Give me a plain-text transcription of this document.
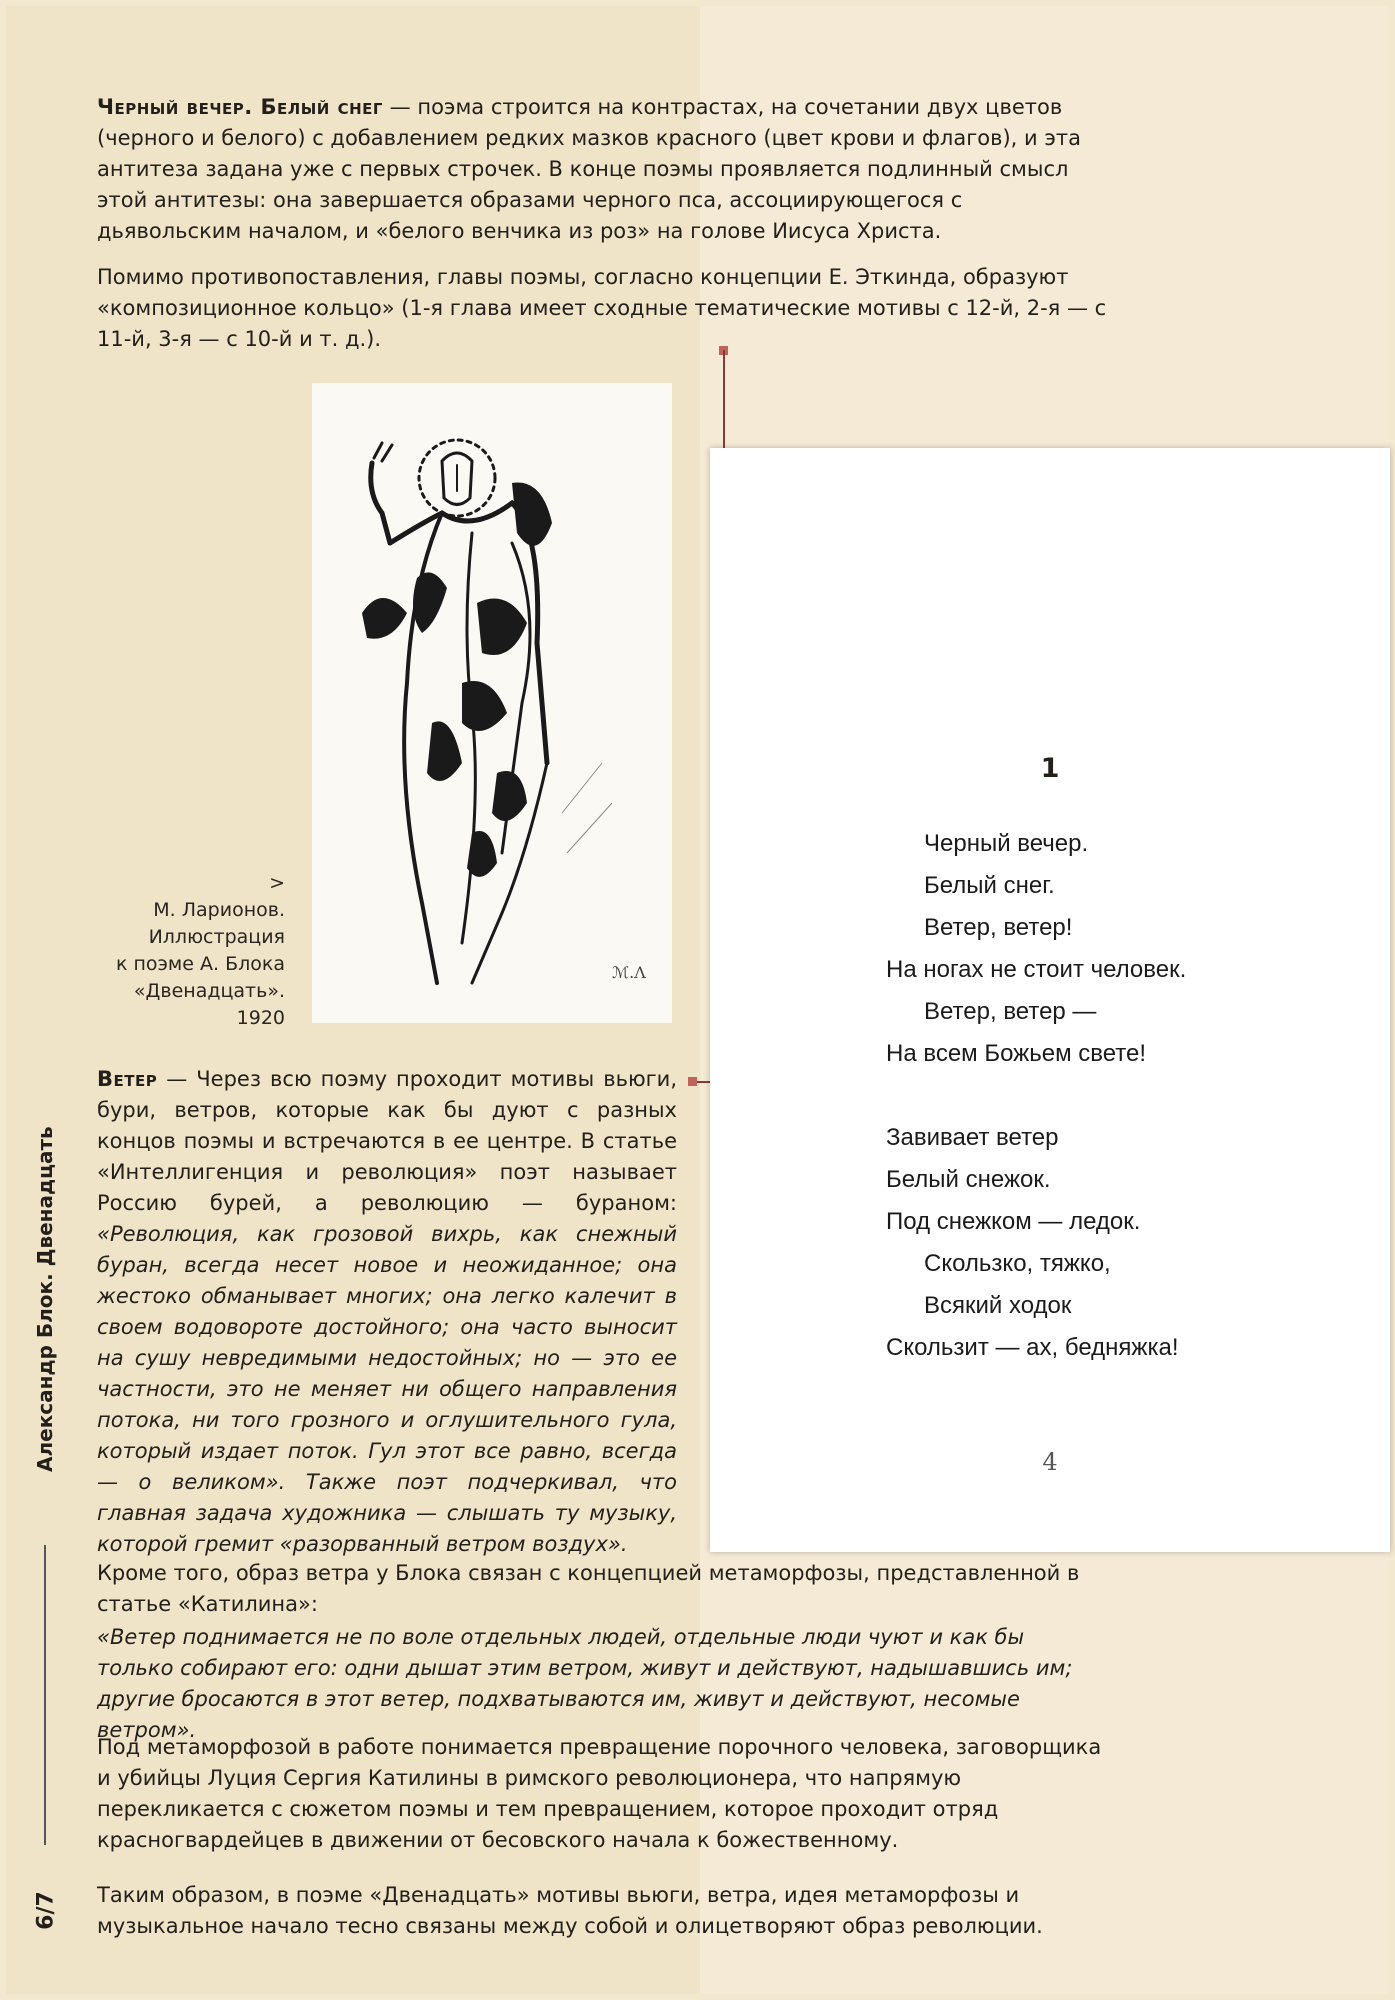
Черный вечер. Белый снег — поэма строится на контрастах, на сочетании двух цветов (черного и белого) с добавлением редких мазков красного (цвет крови и флагов), и эта антитеза задана уже с первых строчек. В конце поэмы проявляется подлинный смысл этой антитезы: она завершается образами черного пса, ассоциирующегося с дьявольским началом, и «белого венчика из роз» на голове Иисуса Христа.

Помимо противопоставления, главы поэмы, согласно концепции Е. Эткинда, образуют «композиционное кольцо» (1-я глава имеет сходные тематические мотивы с 12-й, 2-я — с 11-й, 3-я — с 10-й и т. д.).

ℳ.Λ
>
М. Ларионов.
Иллюстрация
к поэме А. Блока
«Двенадцать».
1920

Ветер — Через всю поэму проходит мотивы вьюги, бури, ветров, которые как бы дуют с разных концов поэмы и встречаются в ее центре. В статье «Интеллигенция и революция» поэт называет Россию бурей, а революцию — бураном: «Революция, как грозовой вихрь, как снежный буран, всегда несет новое и неожиданное; она жестоко обманывает многих; она легко калечит в своем водовороте достойного; она часто выносит на сушу невредимыми недостойных; но — это ее частности, это не меняет ни общего направления потока, ни того грозного и оглушительного гула, который издает поток. Гул этот все равно, всегда — о великом». Также поэт подчеркивал, что главная задача художника — слышать ту музыку, которой гремит «разорванный ветром воздух».

Кроме того, образ ветра у Блока связан с концепцией метаморфозы, представленной в статье «Катилина»:

«Ветер поднимается не по воле отдельных людей, отдельные люди чуют и как бы только собирают его: одни дышат этим ветром, живут и действуют, надышавшись им; другие бросаются в этот ветер, подхватываются им, живут и действуют, несомые ветром».

Под метаморфозой в работе понимается превращение порочного человека, заговорщика и убийцы Луция Сергия Катилины в римского революционера, что напрямую перекликается с сюжетом поэмы и тем превращением, которое проходит отряд красногвардейцев в движении от бесовского начала к божественному.

Таким образом, в поэме «Двенадцать» мотивы вьюги, ветра, идея метаморфозы и музыкальное начало тесно связаны между собой и олицетворяют образ революции.

Александр Блок. Двенадцать
6/7
1
Черный вечер.
Белый снег.
Ветер, ветер!
На ногах не стоит человек.
Ветер, ветер —
На всем Божьем свете!
Завивает ветер
Белый снежок.
Под снежком — ледок.
Скользко, тяжко,
Всякий ходок
Скользит — ах, бедняжка!
4
